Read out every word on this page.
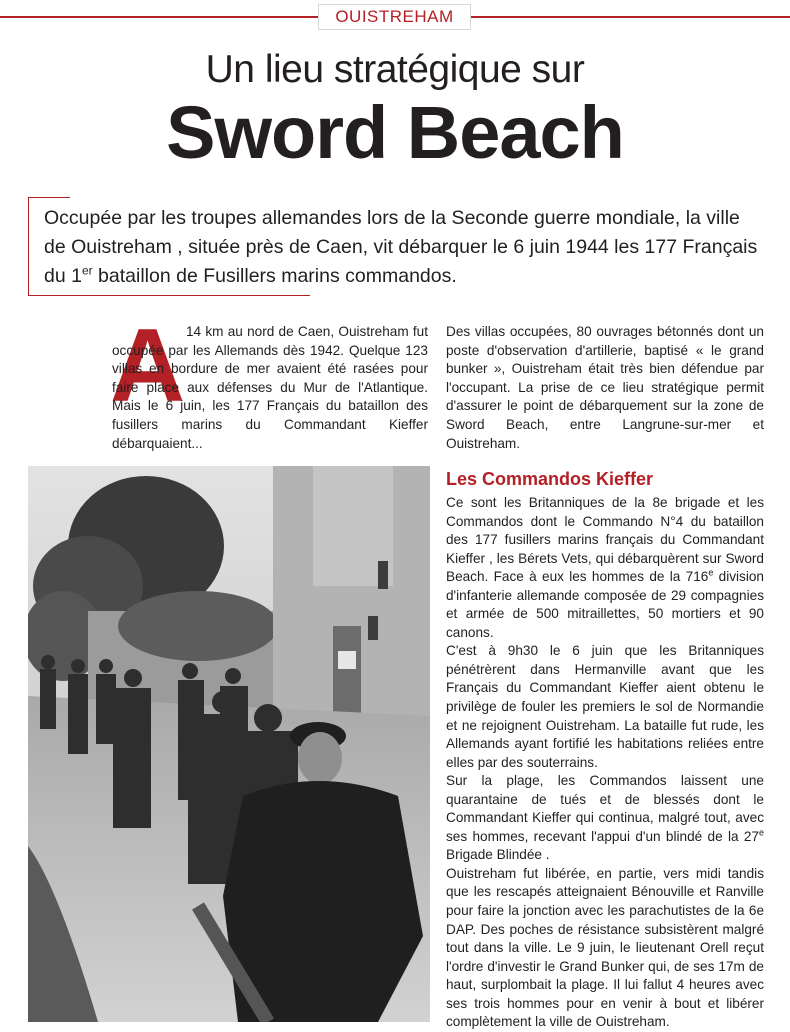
OUISTREHAM
Un lieu stratégique sur
Sword Beach

Occupée par les troupes allemandes lors de la Seconde guerre mondiale, la ville de Ouistreham , située près de Caen, vit débarquer le 6 juin 1944 les 177 Français du 1er bataillon de Fusillers marins commandos.

A 14 km au nord de Caen, Ouistreham fut occupée par les Allemands dès 1942. Quelque 123 villas en bordure de mer avaient été rasées pour faire place aux défenses du Mur de l'Atlantique. Mais le 6 juin, les 177 Français du bataillon des fusillers marins du Commandant Kieffer débarquaient...

Des villas occupées, 80 ouvrages bétonnés dont un poste d'observation d'artillerie, baptisé « le grand bunker », Ouistreham était très bien défendue par l'occupant. La prise de ce lieu stratégique permit d'assurer le point de débarquement sur la zone de Sword Beach, entre Langrune-sur-mer et Ouistreham.

Les Commandos Kieffer

Ce sont les Britanniques de la 8e brigade et les Commandos dont le Commando N°4 du bataillon des 177 fusillers marins français du Commandant Kieffer , les Bérets Vets, qui débarquèrent sur Sword Beach. Face à eux les hommes de la 716e division d'infanterie allemande composée de 29 compagnies et armée de 500 mitraillettes, 50 mortiers et 90 canons.

C'est à 9h30 le 6 juin que les Britanniques pénétrèrent dans Hermanville avant que les Français du Commandant Kieffer aient obtenu le privilège de fouler les premiers le sol de Normandie et ne rejoignent Ouistreham. La bataille fut rude, les Allemands ayant fortifié les habitations reliées entre elles par des souterrains.

Sur la plage, les Commandos laissent une quarantaine de tués et de blessés dont le Commandant Kieffer qui continua, malgré tout, avec ses hommes, recevant l'appui d'un blindé de la 27e Brigade Blindée .

Ouistreham fut libérée, en partie, vers midi tandis que les rescapés atteignaient Bénouville et Ranville pour faire la jonction avec les parachutistes de la 6e DAP. Des poches de résistance subsistèrent malgré tout dans la ville. Le 9 juin, le lieutenant Orell reçut l'ordre d'investir le Grand Bunker qui, de ses 17m de haut, surplombait la plage. Il lui fallut 4 heures avec ses trois hommes pour en venir à bout et libérer complètement la ville de Ouistreham.
